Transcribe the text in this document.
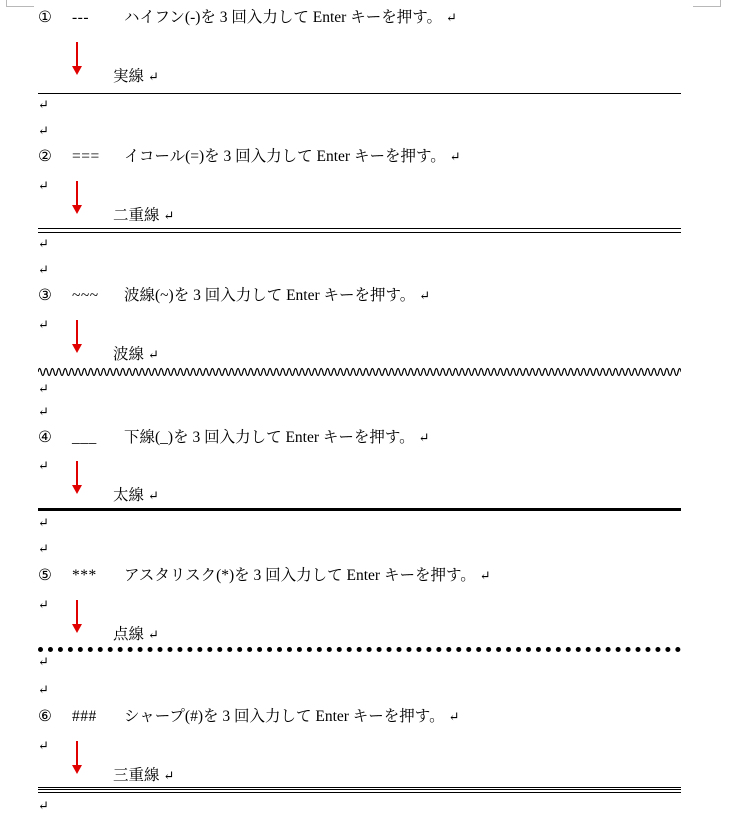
①	---	ハイフン(-)を 3 回入力して Enter キーを押す。 ↵
実線 ↵
↵
↵
②	===	イコール(=)を 3 回入力して Enter キーを押す。 ↵
↵
二重線 ↵
↵
↵
③	~~~	波線(~)を 3 回入力して Enter キーを押す。 ↵
↵
波線 ↵
↵
↵
④	___	下線(_)を 3 回入力して Enter キーを押す。 ↵
↵
太線 ↵
↵
↵
⑤	***	アスタリスク(*)を 3 回入力して Enter キーを押す。 ↵
↵
点線 ↵
↵
↵
⑥	###	シャープ(#)を 3 回入力して Enter キーを押す。 ↵
↵
三重線 ↵
↵
